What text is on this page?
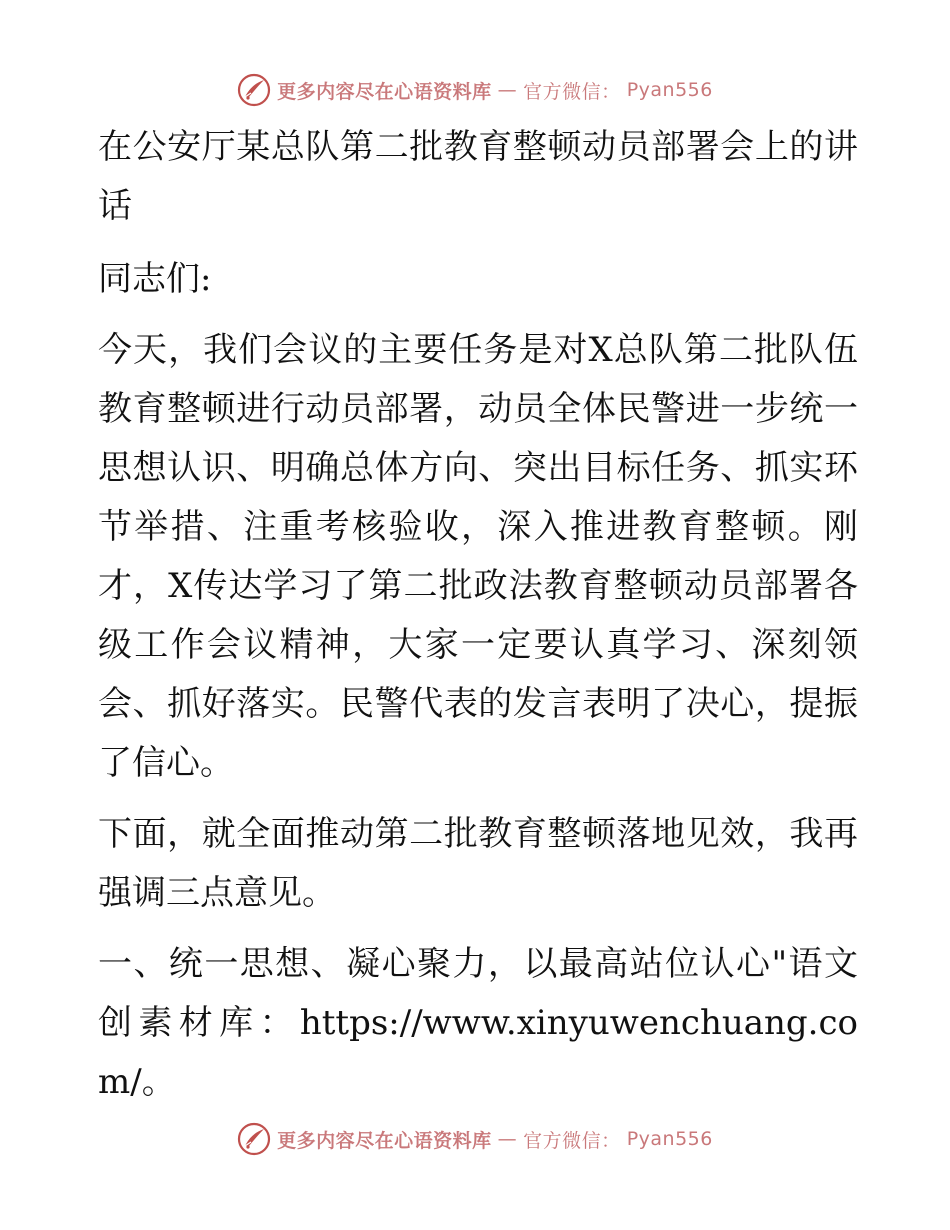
更多内容尽在心语资料库 — 官方微信： Pyan556

在公安厅某总队第二批教育整顿动员部署会上的讲话

同志们:

今天，我们会议的主要任务是对X总队第二批队伍教育整顿进行动员部署，动员全体民警进一步统一思想认识、明确总体方向、突出目标任务、抓实环节举措、注重考核验收，深入推进教育整顿。刚才，X传达学习了第二批政法教育整顿动员部署各级工作会议精神，大家一定要认真学习、深刻领会、抓好落实。民警代表的发言表明了决心，提振了信心。

下面，就全面推动第二批教育整顿落地见效，我再强调三点意见。

一、统一思想、凝心聚力，以最高站位认心"语文创素材库：https://www.xinyuwenchuang.com/。

更多内容尽在心语资料库 — 官方微信： Pyan556
